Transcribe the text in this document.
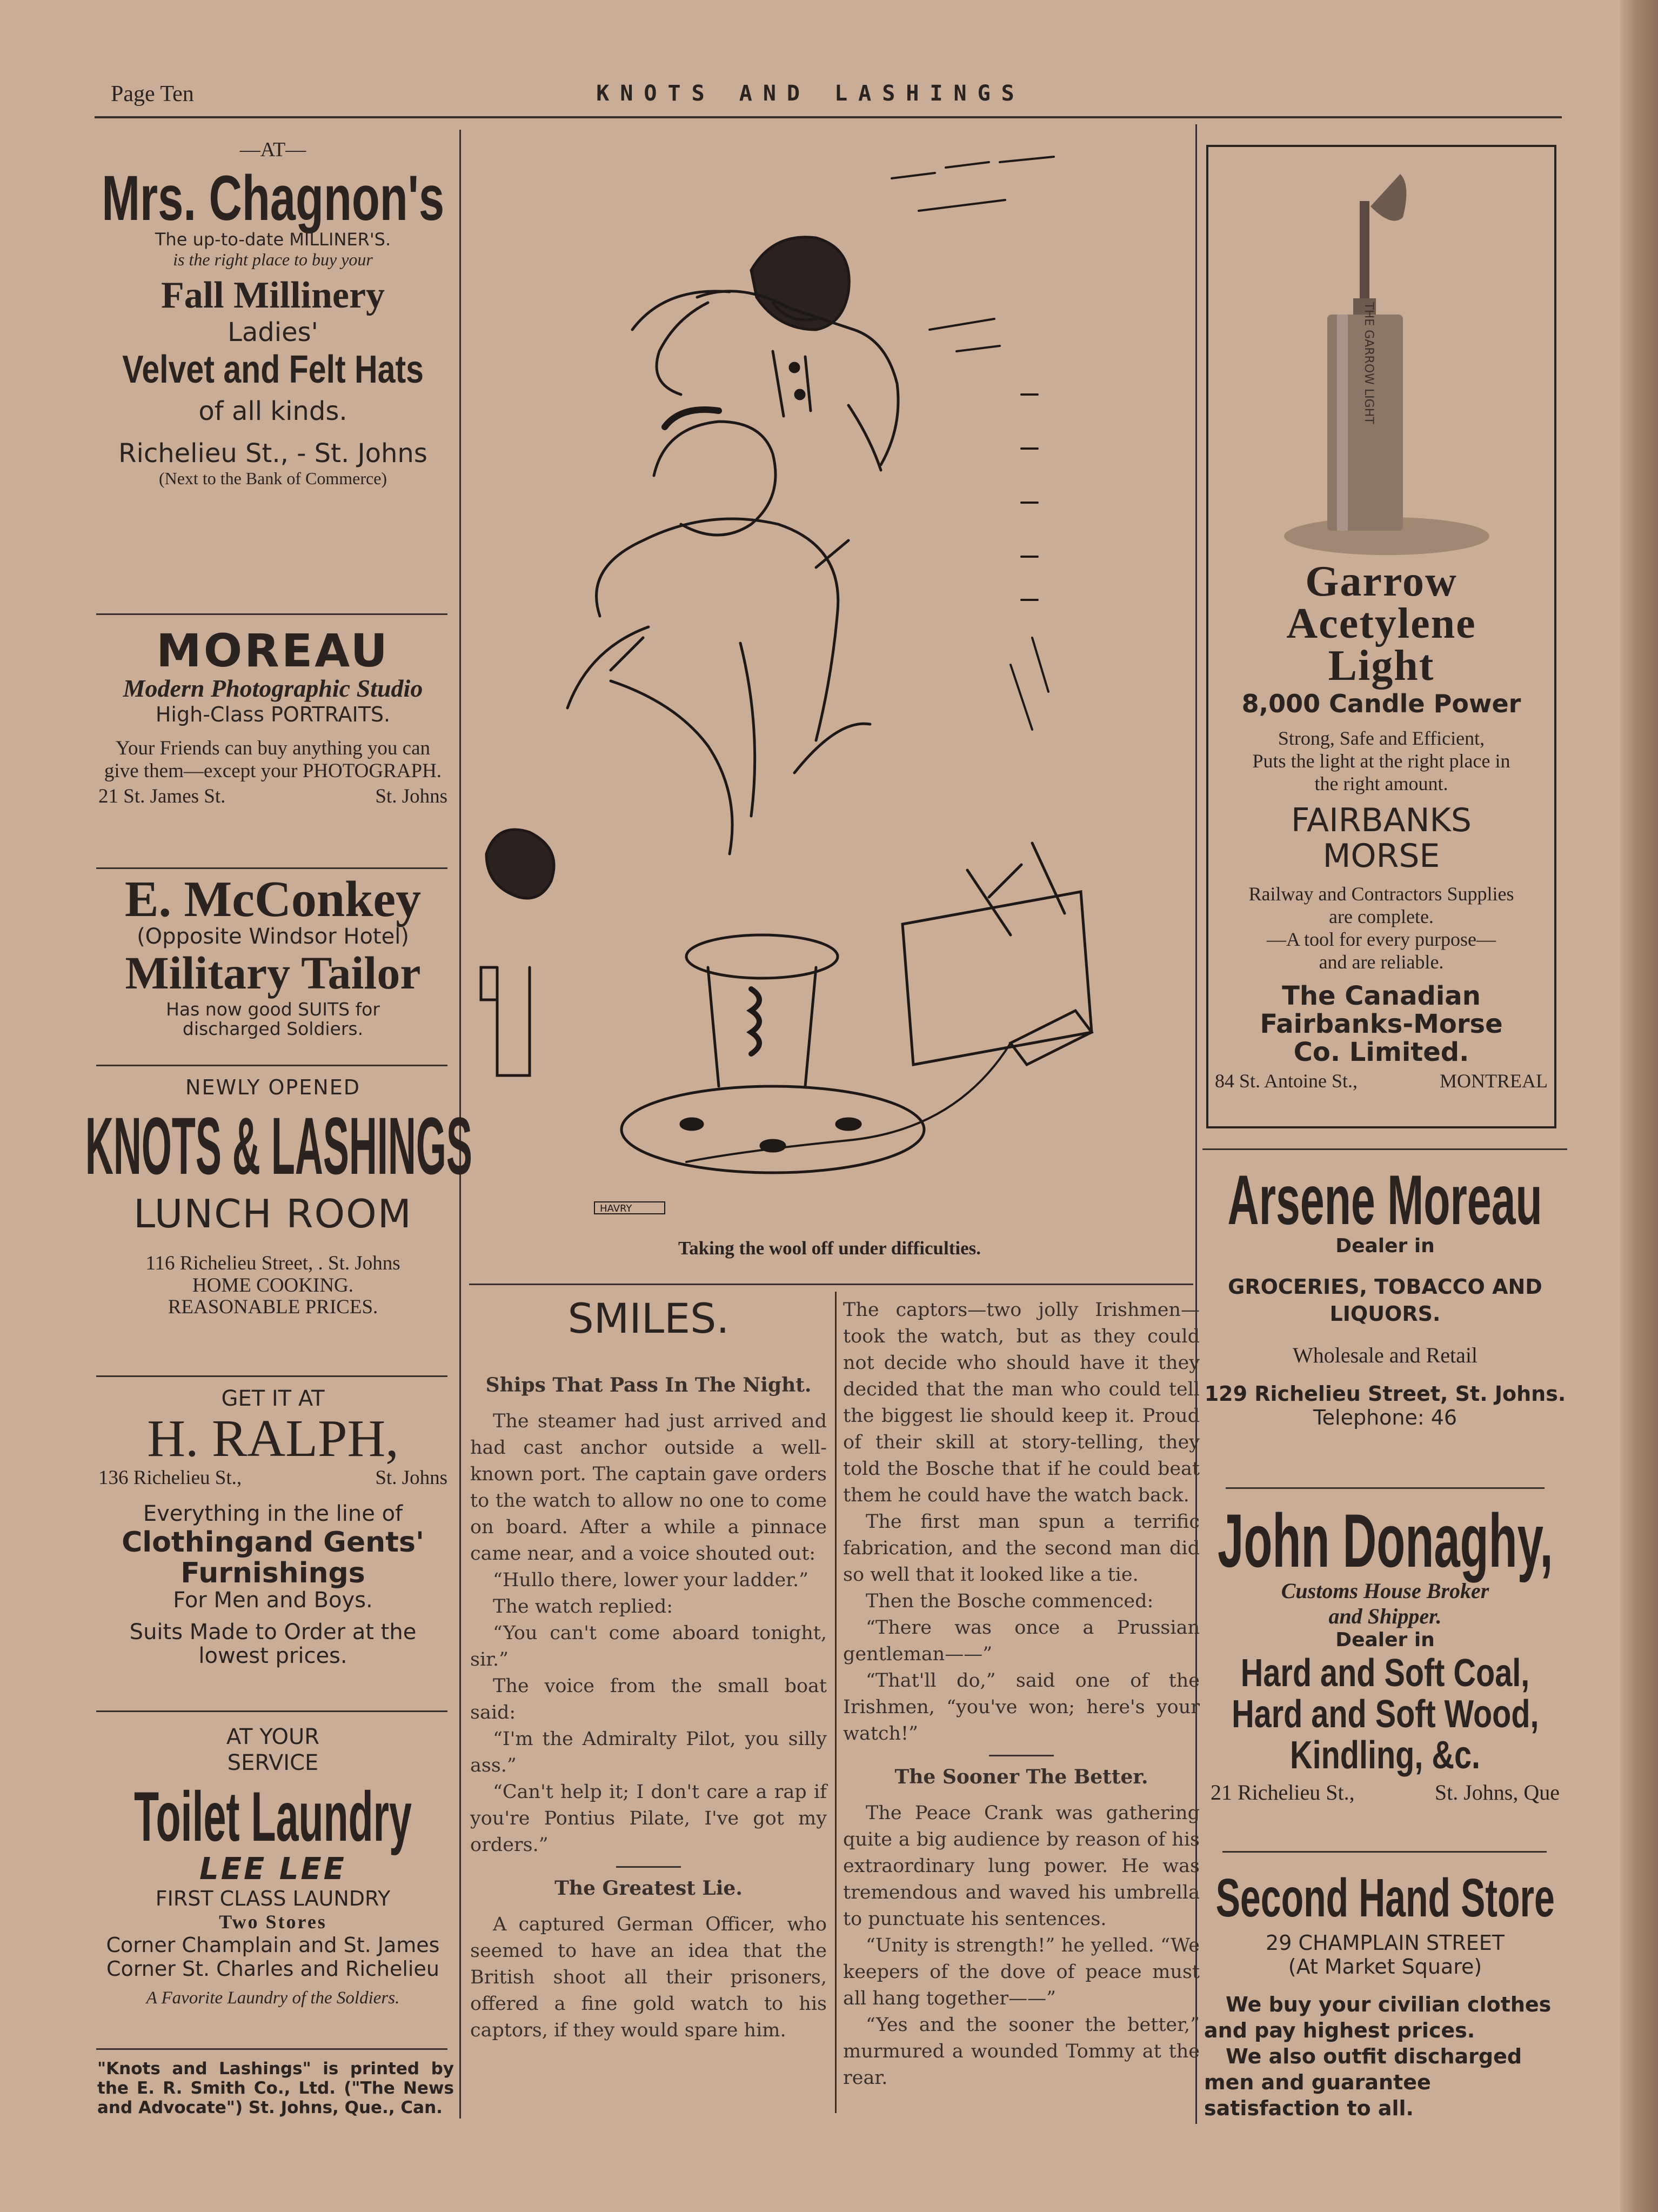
Page Ten	KNOTS AND LASHINGS
—AT—
Mrs. Chagnon's
The up-to-date MILLINER'S.
is the right place to buy your
Fall Millinery
Ladies'
Velvet and Felt Hats
of all kinds.
Richelieu St., - St. Johns
(Next to the Bank of Commerce)
MOREAU
Modern Photographic Studio
High-Class PORTRAITS.
Your Friends can buy anything you can give them—except your PHOTOGRAPH.
21 St. James St.	St. Johns
E. McConkey
(Opposite Windsor Hotel)
Military Tailor
Has now good SUITS for discharged Soldiers.
NEWLY OPENED
KNOTS & LASHINGS
LUNCH ROOM
116 Richelieu Street, . St. Johns
HOME COOKING.
REASONABLE PRICES.
GET IT AT
H. RALPH,
136 Richelieu St.,	St. Johns
Everything in the line of
Clothingand Gents'
Furnishings
For Men and Boys.
Suits Made to Order at the lowest prices.
AT YOUR
SERVICE
Toilet Laundry
LEE LEE
FIRST CLASS LAUNDRY
Two Stores
Corner Champlain and St. James
Corner St. Charles and Richelieu
A Favorite Laundry of the Soldiers.
"Knots and Lashings" is printed by the E. R. Smith Co., Ltd. ("The News and Advocate") St. Johns, Que., Can.
HAVRY
Taking the wool off under difficulties.
SMILES.
Ships That Pass In The Night.

The steamer had just arrived and had cast anchor outside a well-known port. The captain gave orders to the watch to allow no one to come on board. After a while a pinnace came near, and a voice shouted out:

“Hullo there, lower your ladder.”

The watch replied:

“You can't come aboard tonight, sir.”

The voice from the small boat said:

“I'm the Admiralty Pilot, you silly ass.”

“Can't help it; I don't care a rap if you're Pontius Pilate, I've got my orders.”

The Greatest Lie.

A captured German Officer, who seemed to have an idea that the British shoot all their prisoners, offered a fine gold watch to his captors, if they would spare him.

The captors—two jolly Irishmen—took the watch, but as they could not decide who should have it they decided that the man who could tell the biggest lie should keep it. Proud of their skill at story-telling, they told the Bosche that if he could beat them he could have the watch back.

The first man spun a terrific fabrication, and the second man did so well that it looked like a tie.

Then the Bosche commenced:

“There was once a Prussian gentleman——”

“That'll do,” said one of the Irishmen, “you've won; here's your watch!”

The Sooner The Better.

The Peace Crank was gathering quite a big audience by reason of his extraordinary lung power. He was tremendous and waved his umbrella to punctuate his sentences.

“Unity is strength!” he yelled. “We keepers of the dove of peace must all hang together——”

“Yes and the sooner the better,” murmured a wounded Tommy at the rear.

THE GARROW LIGHT
Garrow
Acetylene
Light
8,000 Candle Power
Strong, Safe and Efficient,
Puts the light at the right place in
the right amount.
FAIRBANKS
MORSE
Railway and Contractors Supplies
are complete.
—A tool for every purpose—
and are reliable.
The Canadian
Fairbanks-Morse
Co. Limited.
84 St. Antoine St.,	MONTREAL
Arsene Moreau
Dealer in
GROCERIES, TOBACCO AND LIQUORS.
Wholesale and Retail
129 Richelieu Street, St. Johns.
Telephone: 46
John Donaghy,
Customs House Broker
and Shipper.
Dealer in
Hard and Soft Coal,
Hard and Soft Wood,
Kindling, &c.
21 Richelieu St.,	St. Johns, Que
Second Hand Store
29 CHAMPLAIN STREET
(At Market Square)
We buy your civilian clothes and pay highest prices.
We also outfit discharged men and guarantee satisfaction to all.
